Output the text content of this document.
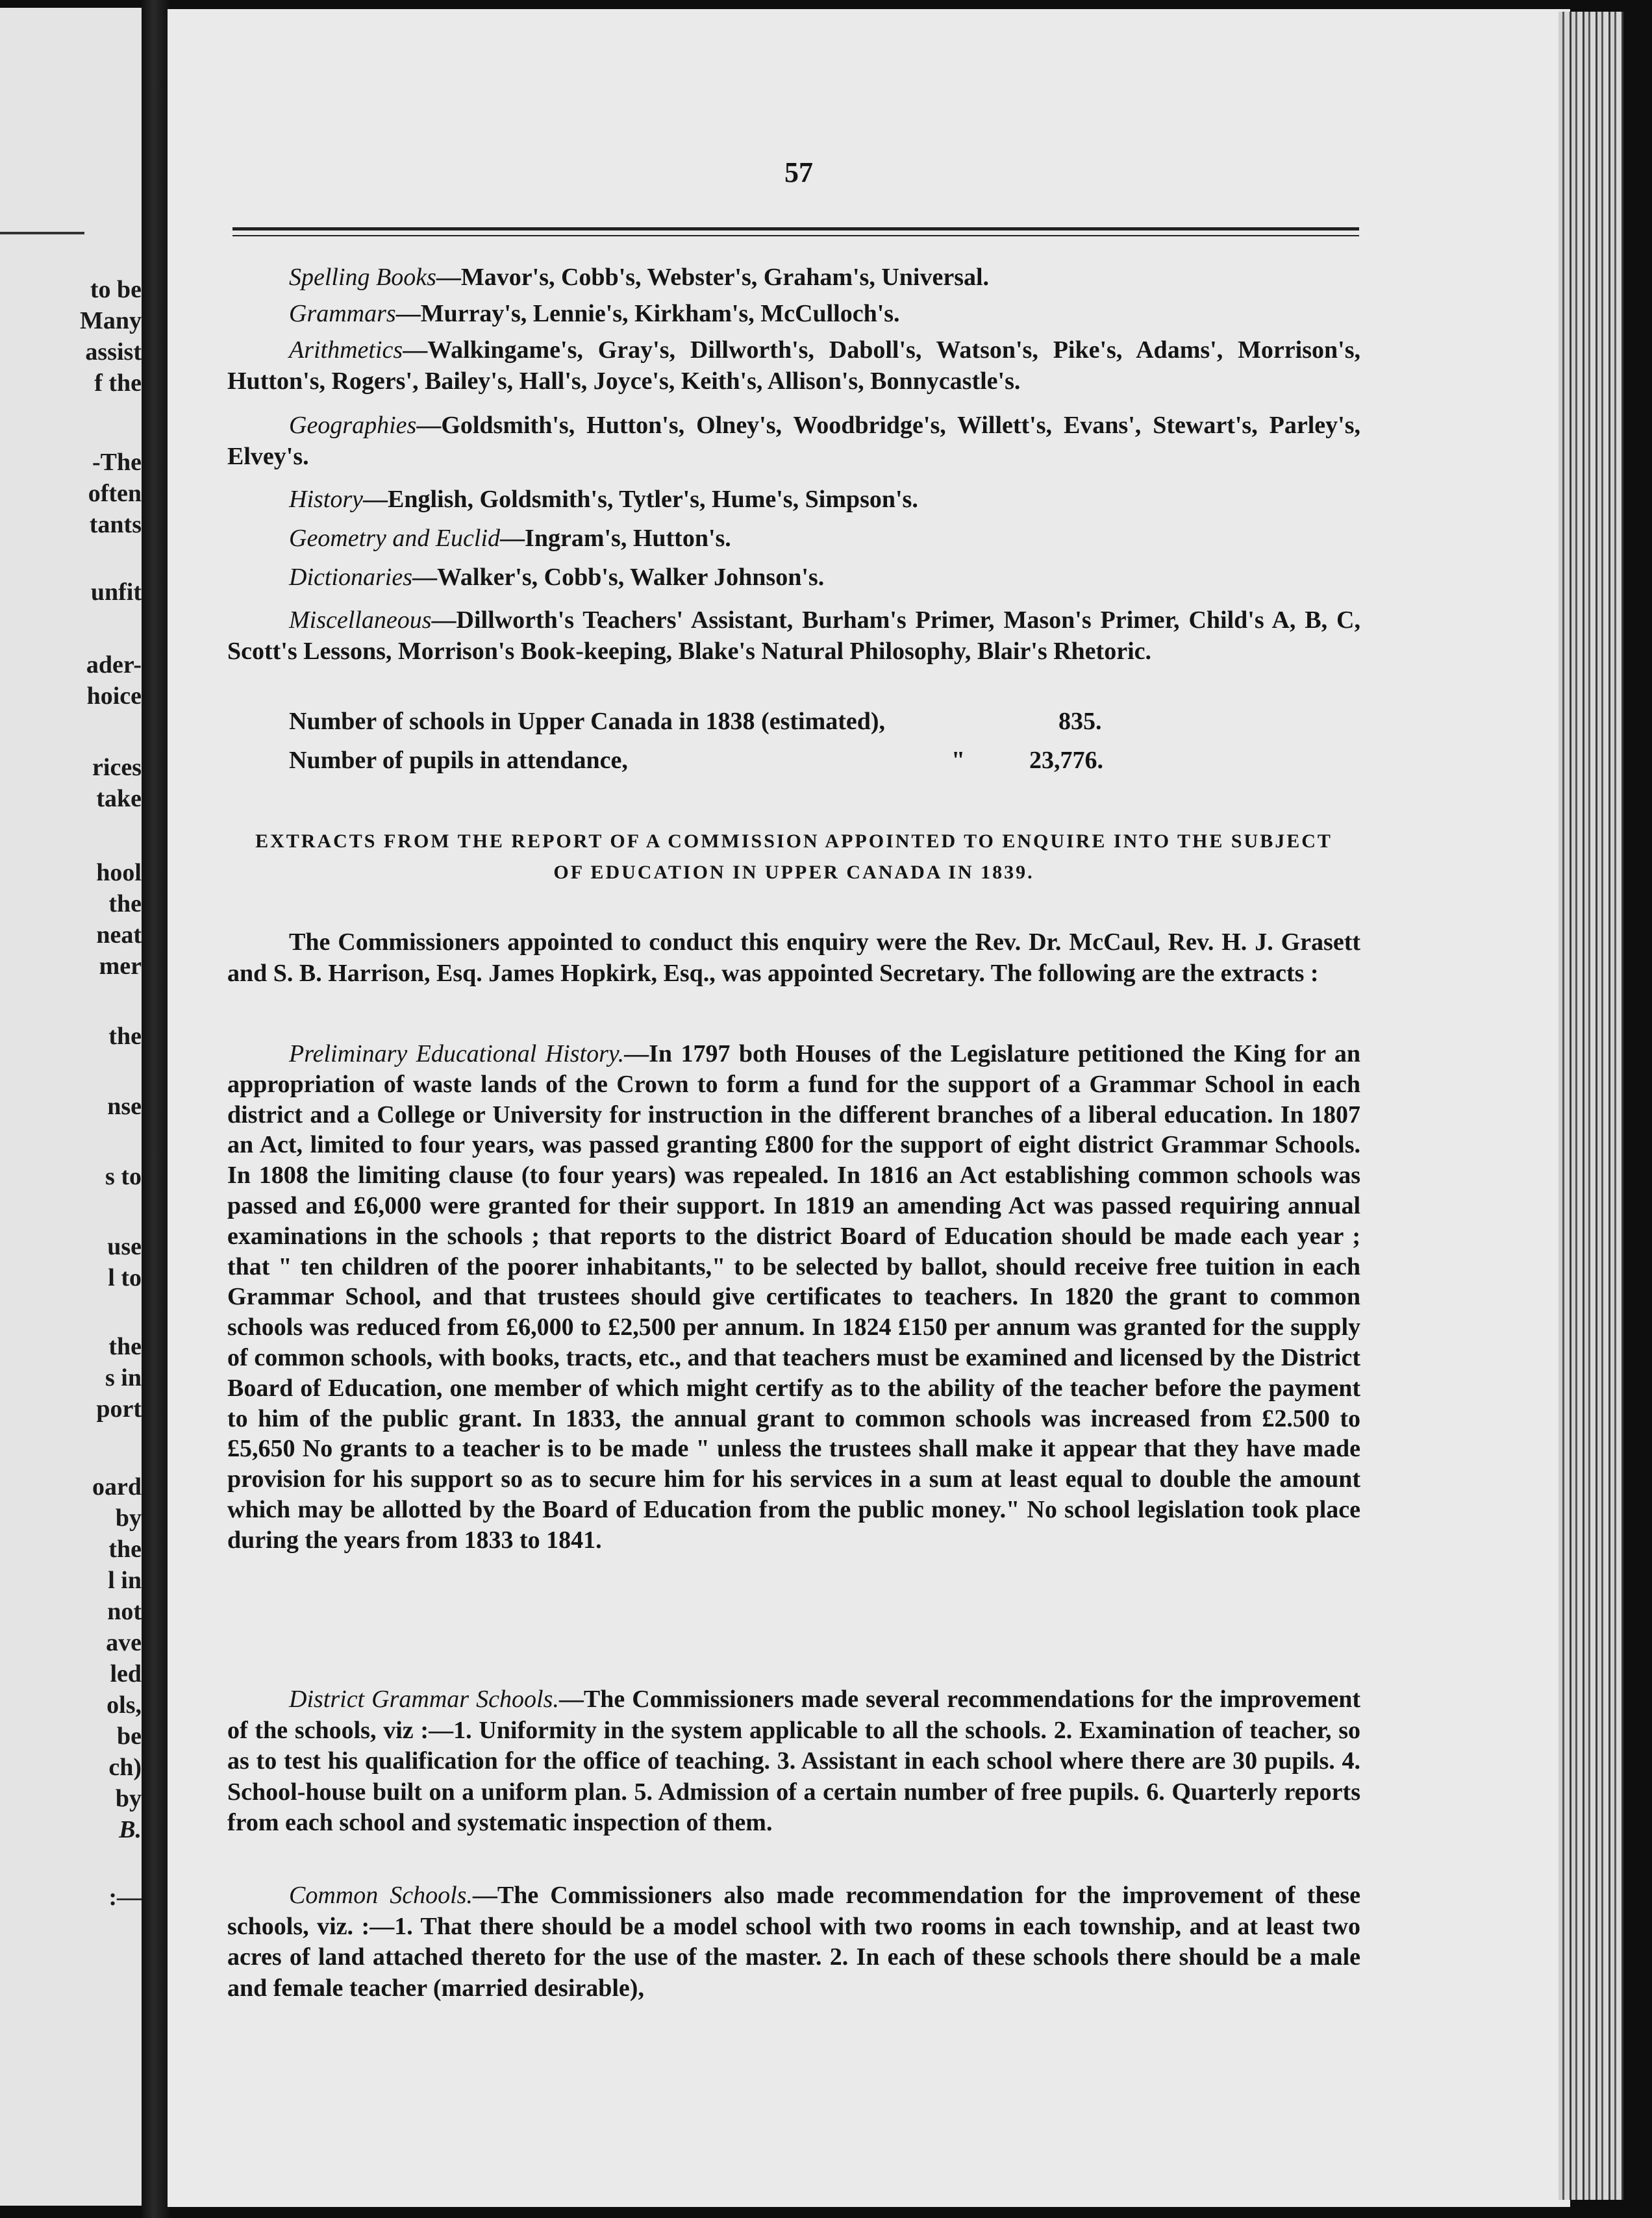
to be

Many

assist

f the

-The

often

tants

unfit

ader-

hoice

rices

take

hool

the

neat

mer

the

nse

s to

use

l to

the

s in

port

oard

by

the

l in

not

ave

led

ols,

be

ch)

by

B.

:—

57

Spelling Books—Mavor's, Cobb's, Webster's, Graham's, Universal.

Grammars—Murray's, Lennie's, Kirkham's, McCulloch's.

Arithmetics—Walkingame's, Gray's, Dillworth's, Daboll's, Watson's, Pike's, Adams', Morrison's, Hutton's, Rogers', Bailey's, Hall's, Joyce's, Keith's, Allison's, Bonnycastle's.

Geographies—Goldsmith's, Hutton's, Olney's, Woodbridge's, Willett's, Evans', Stewart's, Parley's, Elvey's.

History—English, Goldsmith's, Tytler's, Hume's, Simpson's.

Geometry and Euclid—Ingram's, Hutton's.

Dictionaries—Walker's, Cobb's, Walker Johnson's.

Miscellaneous—Dillworth's Teachers' Assistant, Burham's Primer, Mason's Primer, Child's A, B, C, Scott's Lessons, Morrison's Book-keeping, Blake's Natural Philosophy, Blair's Rhetoric.

Number of schools in Upper Canada in 1838 (estimated),	835.
Number of pupils in attendance,	"	23,776.

EXTRACTS FROM THE REPORT OF A COMMISSION APPOINTED TO ENQUIRE INTO THE SUBJECT

OF EDUCATION IN UPPER CANADA IN 1839.

The Commissioners appointed to conduct this enquiry were the Rev. Dr. McCaul, Rev. H. J. Grasett and S. B. Harrison, Esq. James Hopkirk, Esq., was appointed Secretary. The following are the extracts :

Preliminary Educational History.—In 1797 both Houses of the Legislature petitioned the King for an appropriation of waste lands of the Crown to form a fund for the support of a Grammar School in each district and a College or University for instruction in the different branches of a liberal education. In 1807 an Act, limited to four years, was passed granting £800 for the support of eight district Grammar Schools. In 1808 the limiting clause (to four years) was repealed. In 1816 an Act establishing common schools was passed and £6,000 were granted for their support. In 1819 an amending Act was passed requiring annual examinations in the schools ; that reports to the district Board of Education should be made each year ; that " ten children of the poorer inhabitants," to be selected by ballot, should receive free tuition in each Grammar School, and that trustees should give certificates to teachers. In 1820 the grant to common schools was reduced from £6,000 to £2,500 per annum. In 1824 £150 per annum was granted for the supply of common schools, with books, tracts, etc., and that teachers must be examined and licensed by the District Board of Education, one member of which might certify as to the ability of the teacher before the payment to him of the public grant. In 1833, the annual grant to common schools was increased from £2.500 to £5,650 No grants to a teacher is to be made " unless the trustees shall make it appear that they have made provision for his support so as to secure him for his services in a sum at least equal to double the amount which may be allotted by the Board of Education from the public money." No school legislation took place during the years from 1833 to 1841.

District Grammar Schools.—The Commissioners made several recommendations for the improvement of the schools, viz :—1. Uniformity in the system applicable to all the schools. 2. Examination of teacher, so as to test his qualification for the office of teaching. 3. Assistant in each school where there are 30 pupils. 4. School-house built on a uniform plan. 5. Admission of a certain number of free pupils. 6. Quarterly reports from each school and systematic inspection of them.

Common Schools.—The Commissioners also made recommendation for the improvement of these schools, viz. :—1. That there should be a model school with two rooms in each township, and at least two acres of land attached thereto for the use of the master. 2. In each of these schools there should be a male and female teacher (married desirable),
